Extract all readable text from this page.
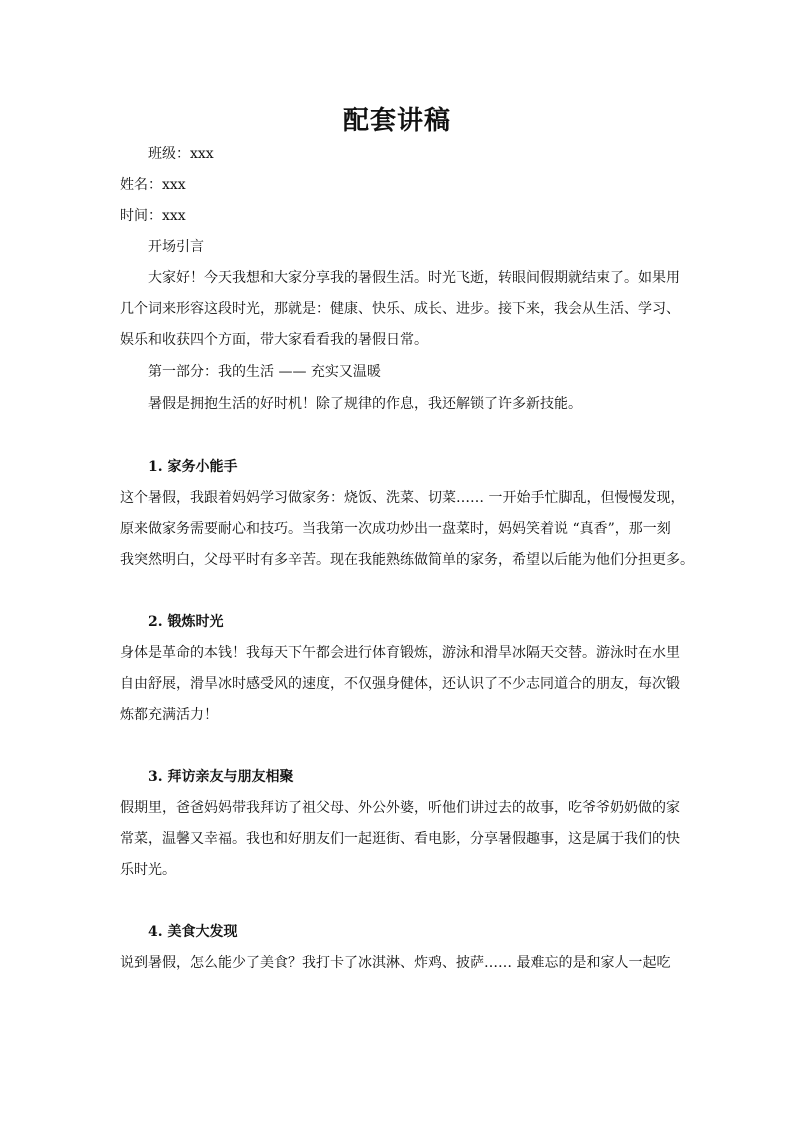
配套讲稿
班级：xxx
姓名：xxx
时间：xxx
开场引言
大家好！今天我想和大家分享我的暑假生活。时光飞逝，转眼间假期就结束了。如果用
几个词来形容这段时光，那就是：健康、快乐、成长、进步。接下来，我会从生活、学习、
娱乐和收获四个方面，带大家看看我的暑假日常。
第一部分：我的生活 —— 充实又温暖
暑假是拥抱生活的好时机！除了规律的作息，我还解锁了许多新技能。
1. 家务小能手
这个暑假，我跟着妈妈学习做家务：烧饭、洗菜、切菜…… 一开始手忙脚乱，但慢慢发现，
原来做家务需要耐心和技巧。当我第一次成功炒出一盘菜时，妈妈笑着说 “真香”，那一刻
我突然明白，父母平时有多辛苦。现在我能熟练做简单的家务，希望以后能为他们分担更多。
2. 锻炼时光
身体是革命的本钱！我每天下午都会进行体育锻炼，游泳和滑旱冰隔天交替。游泳时在水里
自由舒展，滑旱冰时感受风的速度，不仅强身健体，还认识了不少志同道合的朋友，每次锻
炼都充满活力！
3. 拜访亲友与朋友相聚
假期里，爸爸妈妈带我拜访了祖父母、外公外婆，听他们讲过去的故事，吃爷爷奶奶做的家
常菜，温馨又幸福。我也和好朋友们一起逛街、看电影，分享暑假趣事，这是属于我们的快
乐时光。
4. 美食大发现
说到暑假，怎么能少了美食？我打卡了冰淇淋、炸鸡、披萨…… 最难忘的是和家人一起吃
